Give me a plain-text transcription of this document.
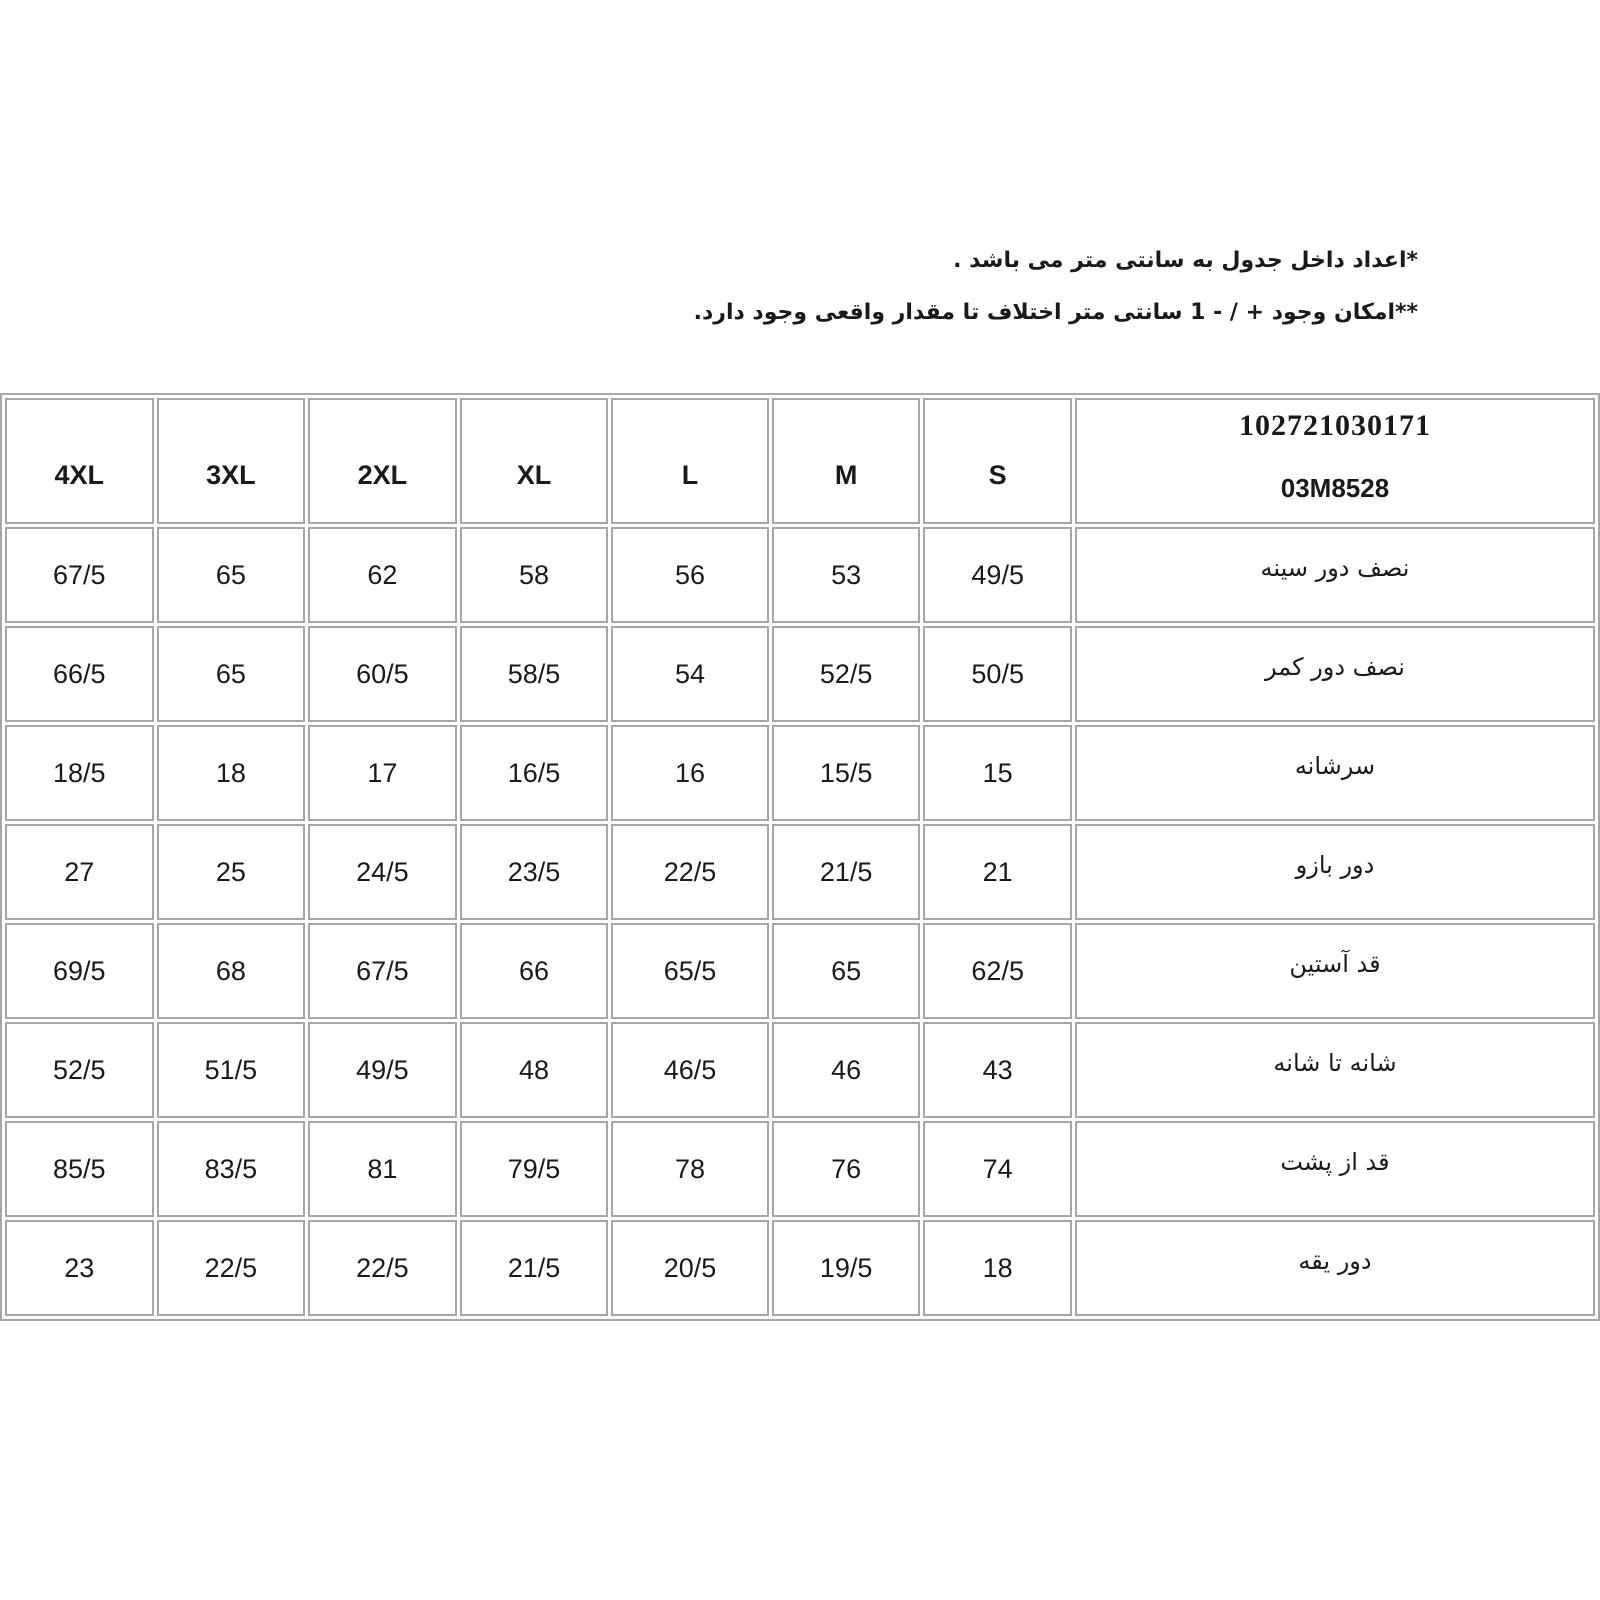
*اعداد داخل جدول به سانتی متر می باشد .
**امکان وجود + / - 1 سانتی متر اختلاف تا مقدار واقعی وجود دارد.
4XL	3XL	2XL	XL	L	M	S	102721030171
03M8528

67/5	65	62	58	56	53	49/5	نصف دور سینه
66/5	65	60/5	58/5	54	52/5	50/5	نصف دور کمر
18/5	18	17	16/5	16	15/5	15	سرشانه
27	25	24/5	23/5	22/5	21/5	21	دور بازو
69/5	68	67/5	66	65/5	65	62/5	قد آستین
52/5	51/5	49/5	48	46/5	46	43	شانه تا شانه
85/5	83/5	81	79/5	78	76	74	قد از پشت
23	22/5	22/5	21/5	20/5	19/5	18	دور یقه
